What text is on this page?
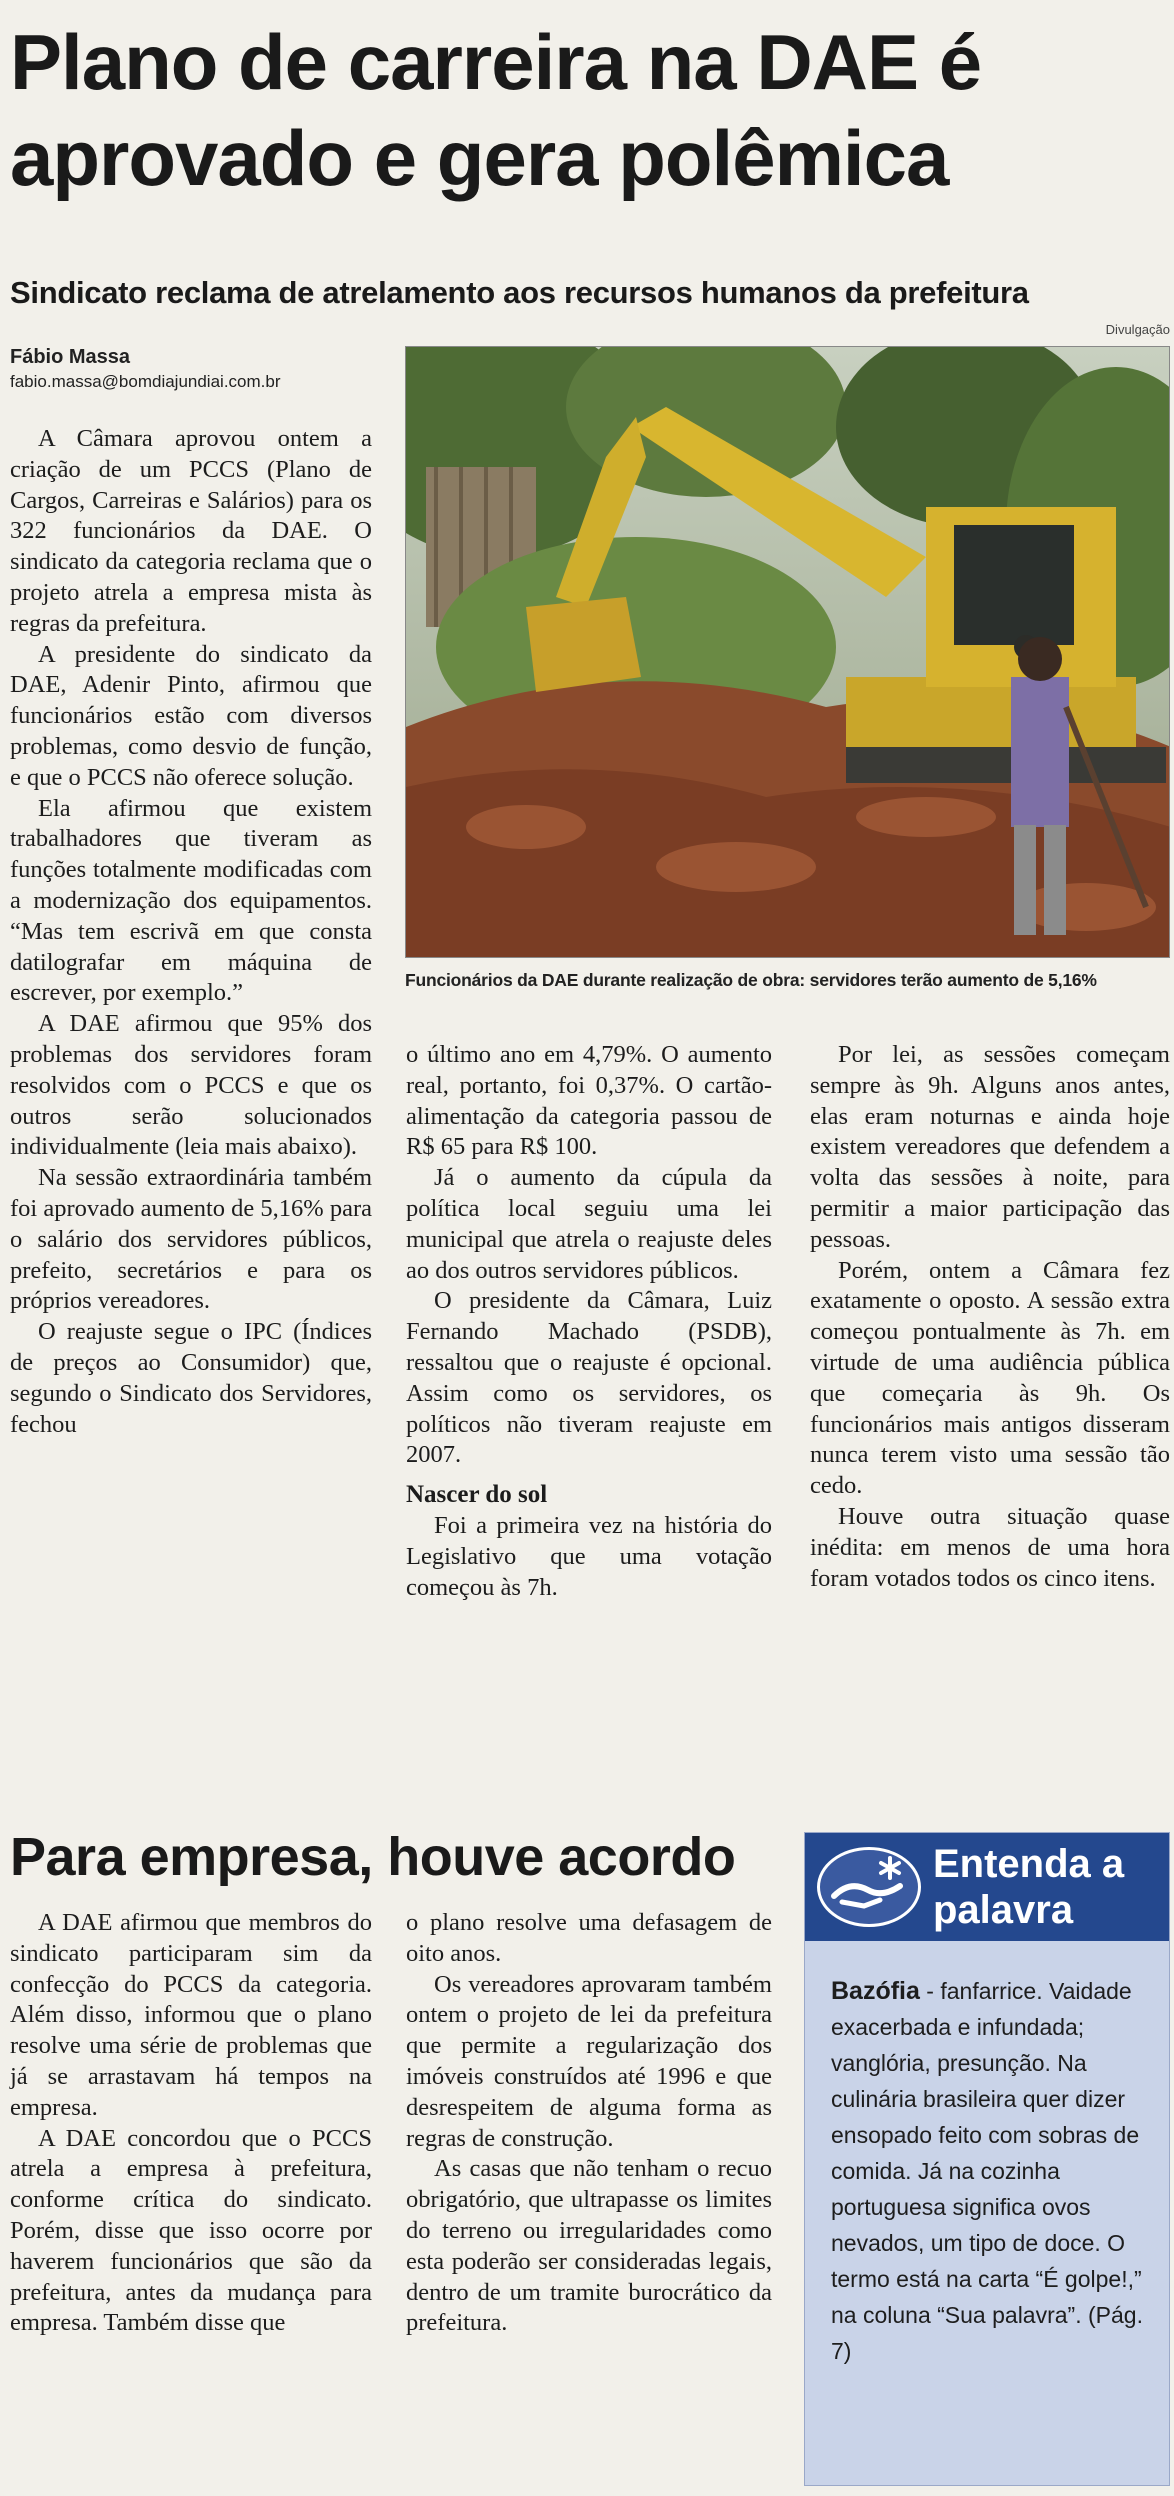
Plano de carreira na DAE é aprovado e gera polêmica
Sindicato reclama de atrelamento aos recursos humanos da prefeitura
Fábio Massa
fabio.massa@bomdiajundiai.com.br
Divulgação
Funcionários da DAE durante realização de obra: servidores terão aumento de 5,16%

A Câmara aprovou ontem a criação de um PCCS (Plano de Cargos, Carreiras e Salários) para os 322 funcionários da DAE. O sindicato da categoria reclama que o projeto atrela a empresa mista às regras da prefeitura.

A presidente do sindicato da DAE, Adenir Pinto, afirmou que funcionários estão com diversos problemas, como desvio de função, e que o PCCS não oferece solução.

Ela afirmou que existem trabalhadores que tiveram as funções totalmente modificadas com a modernização dos equipamentos. “Mas tem escrivã em que consta datilografar em máquina de escrever, por exemplo.”

A DAE afirmou que 95% dos problemas dos servidores foram resolvidos com o PCCS e que os outros serão solucionados individualmente (leia mais abaixo).

Na sessão extraordinária também foi aprovado aumento de 5,16% para o salário dos servidores públicos, prefeito, secretários e para os próprios vereadores.

O reajuste segue o IPC (Índices de preços ao Consumidor) que, segundo o Sindicato dos Servidores, fechou

o último ano em 4,79%. O aumento real, portanto, foi 0,37%. O cartão-alimentação da categoria passou de R$ 65 para R$ 100.

Já o aumento da cúpula da política local seguiu uma lei municipal que atrela o reajuste deles ao dos outros servidores públicos.

O presidente da Câmara, Luiz Fernando Machado (PSDB), ressaltou que o reajuste é opcional. Assim como os servidores, os políticos não tiveram reajuste em 2007.

Nascer do sol

Foi a primeira vez na história do Legislativo que uma votação começou às 7h.

Por lei, as sessões começam sempre às 9h. Alguns anos antes, elas eram noturnas e ainda hoje existem vereadores que defendem a volta das sessões à noite, para permitir a maior participação das pessoas.

Porém, ontem a Câmara fez exatamente o oposto. A sessão extra começou pontualmente às 7h. em virtude de uma audiência pública que começaria às 9h. Os funcionários mais antigos disseram nunca terem visto uma sessão tão cedo.

Houve outra situação quase inédita: em menos de uma hora foram votados todos os cinco itens.

Para empresa, houve acordo

A DAE afirmou que membros do sindicato participaram sim da confecção do PCCS da categoria. Além disso, informou que o plano resolve uma série de problemas que já se arrastavam há tempos na empresa.

A DAE concordou que o PCCS atrela a empresa à prefeitura, conforme crítica do sindicato. Porém, disse que isso ocorre por haverem funcionários que são da prefeitura, antes da mudança para empresa. Também disse que

o plano resolve uma defasagem de oito anos.

Os vereadores aprovaram também ontem o projeto de lei da prefeitura que permite a regularização dos imóveis construídos até 1996 e que desrespeitem de alguma forma as regras de construção.

As casas que não tenham o recuo obrigatório, que ultrapasse os limites do terreno ou irregularidades como esta poderão ser consideradas legais, dentro de um tramite burocrático da prefeitura.

Entenda a palavra
Bazófia - fanfarrice. Vaidade exacerbada e infundada; vanglória, presunção. Na culinária brasileira quer dizer ensopado feito com sobras de comida. Já na cozinha portuguesa significa ovos nevados, um tipo de doce. O termo está na carta “É golpe!,” na coluna “Sua palavra”. (Pág. 7)
